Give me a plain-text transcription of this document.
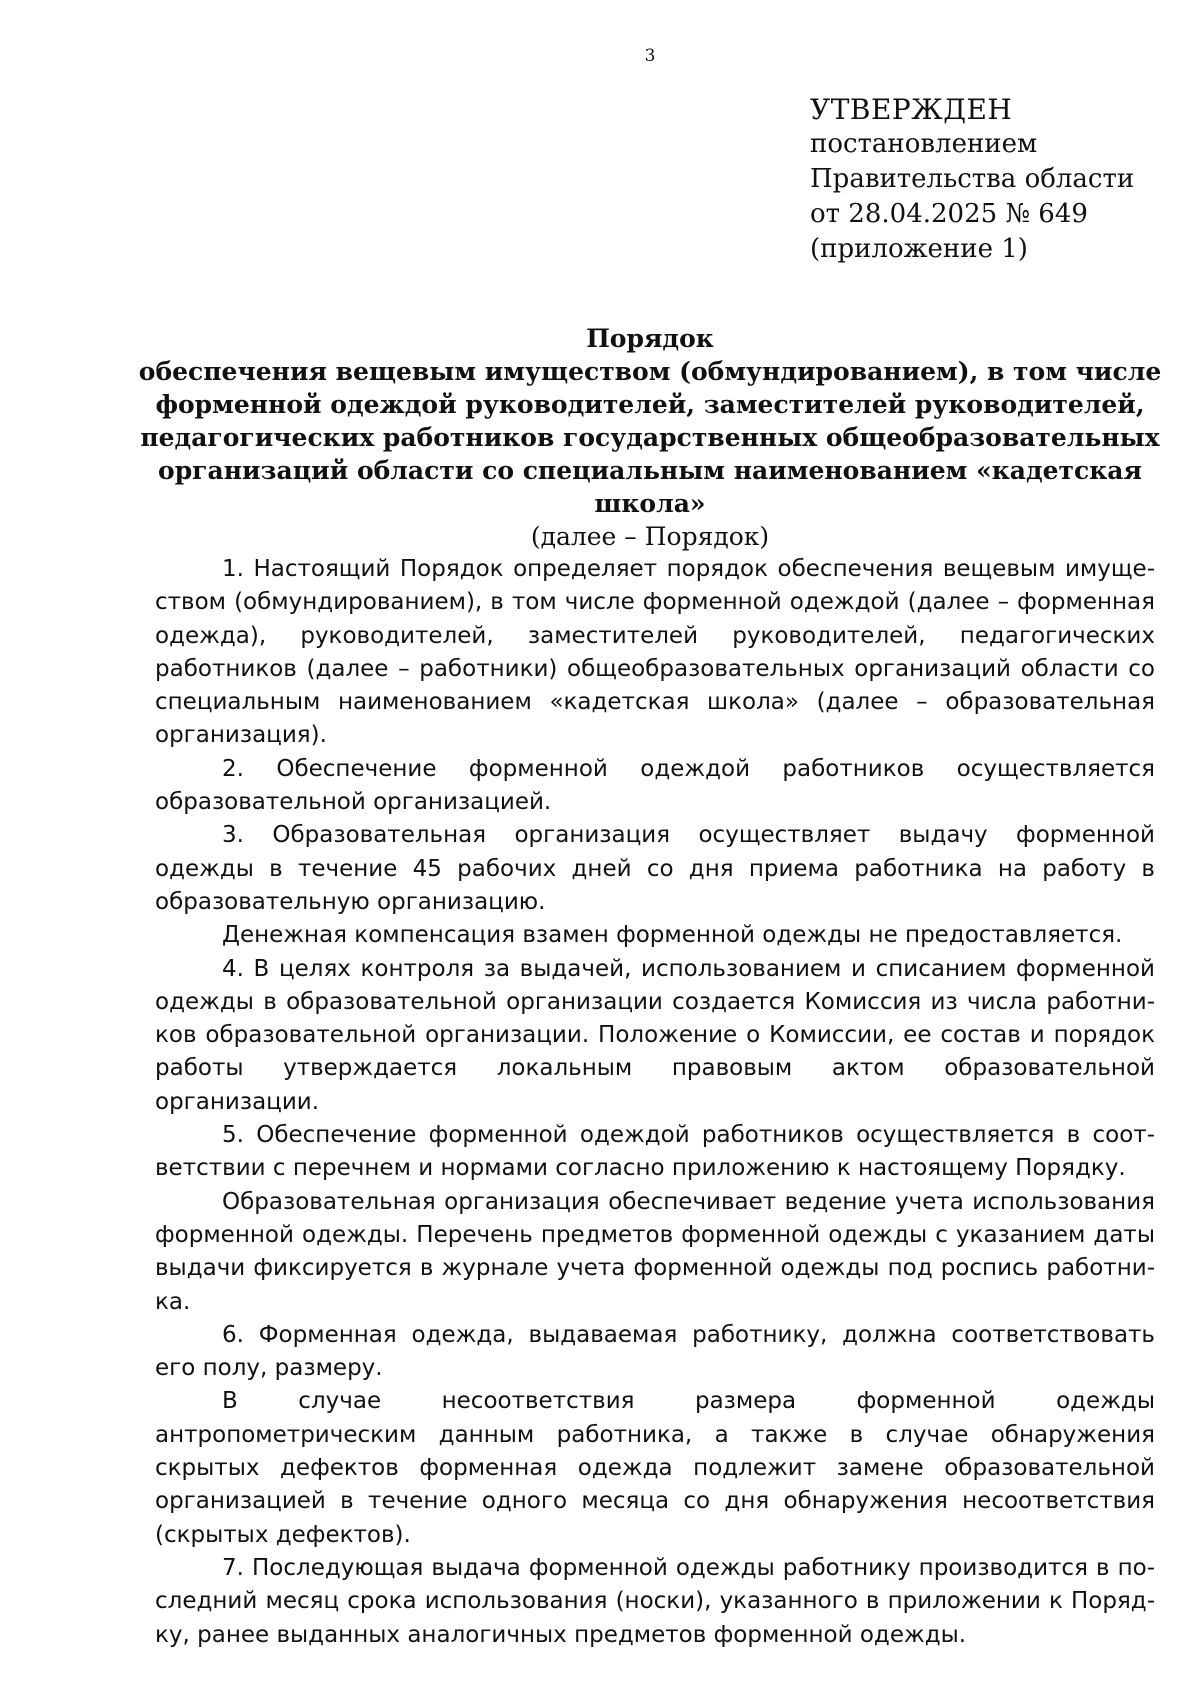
3
УТВЕРЖДЕН
постановлением
Правительства области
от 28.04.2025 № 649
(приложение 1)
Порядок
обеспечения вещевым имуществом (обмундированием), в том числе
форменной одеждой руководителей, заместителей руководителей,
педагогических работников государственных общеобразовательных
организаций области со специальным наименованием «кадетская школа»
(далее – Порядок)

1. Настоящий Порядок определяет порядок обеспечения вещевым имуществом (обмундированием), в том числе форменной одеждой (далее – форменная одежда), руководителей, заместителей руководителей, педагогических работников (далее – работники) общеобразовательных организаций области со специальным наименованием «кадетская школа» (далее – образовательная организация).

2. Обеспечение форменной одеждой работников осуществляется образовательной организацией.

3. Образовательная организация осуществляет выдачу форменной одежды в течение 45 рабочих дней со дня приема работника на работу в образовательную организацию.

Денежная компенсация взамен форменной одежды не предоставляется.

4. В целях контроля за выдачей, использованием и списанием форменной одежды в образовательной организации создается Комиссия из числа работников образовательной организации. Положение о Комиссии, ее состав и порядок работы утверждается локальным правовым актом образовательной организации.

5. Обеспечение форменной одеждой работников осуществляется в соответствии с перечнем и нормами согласно приложению к настоящему Порядку.

Образовательная организация обеспечивает ведение учета использования форменной одежды. Перечень предметов форменной одежды с указанием даты выдачи фиксируется в журнале учета форменной одежды под роспись работника.

6. Форменная одежда, выдаваемая работнику, должна соответствовать его полу, размеру.

В случае несоответствия размера форменной одежды антропометрическим данным работника, а также в случае обнаружения скрытых дефектов форменная одежда подлежит замене образовательной организацией в течение одного месяца со дня обнаружения несоответствия (скрытых дефектов).

7. Последующая выдача форменной одежды работнику производится в последний месяц срока использования (носки), указанного в приложении к Порядку, ранее выданных аналогичных предметов форменной одежды.
